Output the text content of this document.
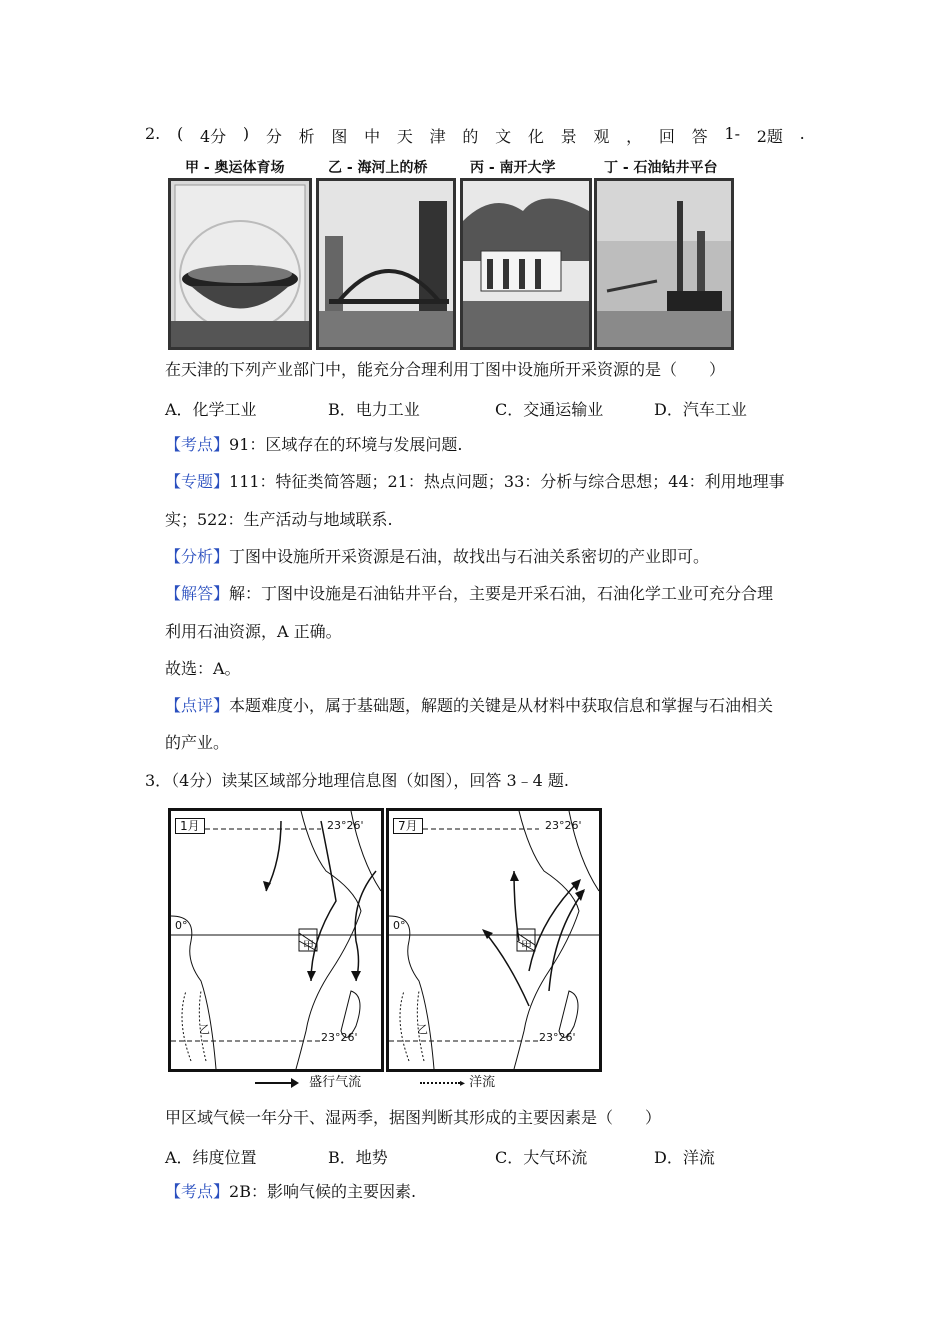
2. ( 4分 ) 分 析 图 中 天 津 的 文 化 景 观 ， 回 答 1- 2题 .
甲 - 奥运体育场	乙 - 海河上的桥	丙 - 南开大学	丁 - 石油钻井平台
在天津的下列产业部门中，能充分合理利用丁图中设施所开采资源的是（　　）
A．化学工业	B．电力工业	C．交通运输业	D．汽车工业
【考点】91：区域存在的环境与发展问题.
【专题】111：特征类简答题；21：热点问题；33：分析与综合思想；44：利用地理事
实；522：生产活动与地域联系.
【分析】丁图中设施所开采资源是石油，故找出与石油关系密切的产业即可。
【解答】解：丁图中设施是石油钻井平台，主要是开采石油，石油化学工业可充分合理
利用石油资源，A 正确。
故选：A。
【点评】本题难度小，属于基础题，解题的关键是从材料中获取信息和掌握与石油相关
的产业。
3．（4分）读某区域部分地理信息图（如图），回答 3﹣4 题.
1月	23°26'
0°
23°26'
甲
乙
7月	23°26'
0°
23°26'
甲
乙
盛行气流	▸ 洋流
甲区域气候一年分干、湿两季，据图判断其形成的主要因素是（　　）
A．纬度位置	B．地势	C．大气环流	D．洋流
【考点】2B：影响气候的主要因素.
